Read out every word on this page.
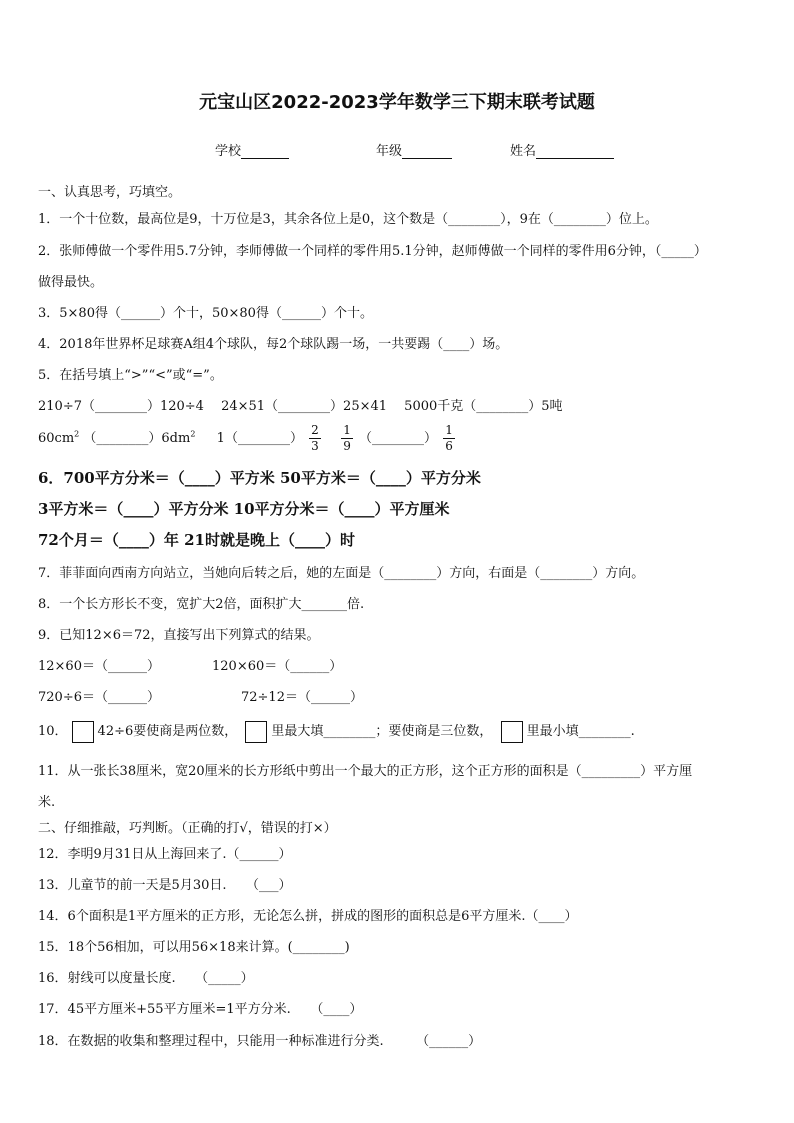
元宝山区2022-2023学年数学三下期末联考试题
学校	年级	姓名
一、认真思考，巧填空。
1．一个十位数，最高位是9，十万位是3，其余各位上是0，这个数是（________），9在（________）位上。
2．张师傅做一个零件用5.7分钟，李师傅做一个同样的零件用5.1分钟，赵师傅做一个同样的零件用6分钟，（_____）
做得最快。
3．5×80得（______）个十，50×80得（______）个十。
4．2018年世界杯足球赛A组4个球队，每2个球队踢一场，一共要踢（____）场。
5．在括号填上“>”“<”或“=”。
210÷7（________）120÷4　 24×51（________）25×41　 5000千克（________）5吨
$60cm^2$ $(\_\_\_\_\_\_\_\_)6dm^2$ 　 1（________） $\frac{2}{3}$
$\frac{1}{9}$ （________） $\frac{1}{6}$
6．700平方分米＝（____）平方米 50平方米＝（____）平方分米
3平方米＝（____）平方分米 10平方分米＝（____）平方厘米
72个月＝（____）年 21时就是晚上（____）时
7．菲菲面向西南方向站立，当她向后转之后，她的左面是（________）方向，右面是（________）方向。
8．一个长方形长不变，宽扩大2倍，面积扩大_______倍.
9．已知12×6＝72，直接写出下列算式的结果。
12×60＝（______）	120×60＝（______）
720÷6＝（______）	72÷12＝（______）
10． 42÷6要使商是两位数，	里最大填________；要使商是三位数，	里最小填________.
11．从一张长38厘米，宽20厘米的长方形纸中剪出一个最大的正方形，这个正方形的面积是（_________）平方厘
米.
二、仔细推敲，巧判断。（正确的打√，错误的打×）
12．李明9月31日从上海回来了.（______）
13．儿童节的前一天是5月30日.　　（___）
14．6个面积是1平方厘米的正方形，无论怎么拼，拼成的图形的面积总是6平方厘米.（____）
15．18个56相加，可以用56×18来计算。(________)
16．射线可以度量长度.　　（_____）
17．45平方厘米+55平方厘米=1平方分米.　　（____）
18．在数据的收集和整理过程中，只能用一种标准进行分类.　　　（______）
